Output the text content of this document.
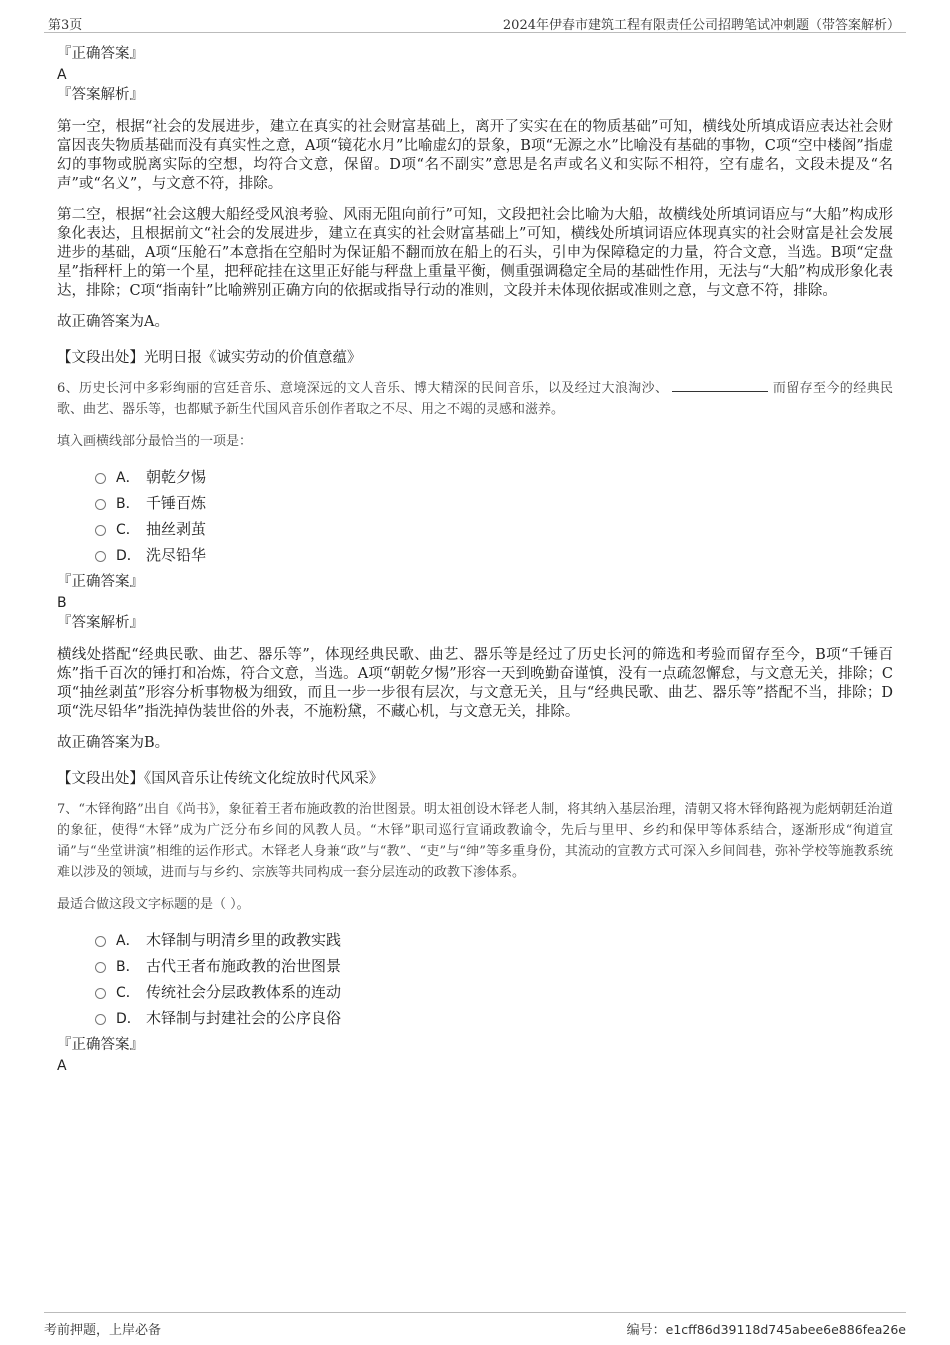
第3页	2024年伊春市建筑工程有限责任公司招聘笔试冲刺题（带答案解析）

『正确答案』

A

『答案解析』

第一空，根据“社会的发展进步，建立在真实的社会财富基础上，离开了实实在在的物质基础”可知，横线处所填成语应表达社会财富因丧失物质基础而没有真实性之意，A项“镜花水月”比喻虚幻的景象，B项“无源之水”比喻没有基础的事物，C项“空中楼阁”指虚幻的事物或脱离实际的空想，均符合文意，保留。D项“名不副实”意思是名声或名义和实际不相符，空有虚名，文段未提及“名声”或“名义”，与文意不符，排除。

第二空，根据“社会这艘大船经受风浪考验、风雨无阻向前行”可知，文段把社会比喻为大船，故横线处所填词语应与“大船”构成形象化表达，且根据前文“社会的发展进步，建立在真实的社会财富基础上”可知，横线处所填词语应体现真实的社会财富是社会发展进步的基础，A项“压舱石”本意指在空船时为保证船不翻而放在船上的石头，引申为保障稳定的力量，符合文意，当选。B项“定盘星”指秤杆上的第一个星，把秤砣挂在这里正好能与秤盘上重量平衡，侧重强调稳定全局的基础性作用，无法与“大船”构成形象化表达，排除；C项“指南针”比喻辨别正确方向的依据或指导行动的准则，文段并未体现依据或准则之意，与文意不符，排除。

故正确答案为A。

【文段出处】光明日报《诚实劳动的价值意蕴》

6、历史长河中多彩绚丽的宫廷音乐、意境深远的文人音乐、博大精深的民间音乐，以及经过大浪淘沙、	而留存至今的经典民歌、曲艺、器乐等，也都赋予新生代国风音乐创作者取之不尽、用之不竭的灵感和滋养。

填入画横线部分最恰当的一项是：

A． 朝乾夕惕
B． 千锤百炼
C． 抽丝剥茧
D． 洗尽铅华

『正确答案』

B

『答案解析』

横线处搭配“经典民歌、曲艺、器乐等”，体现经典民歌、曲艺、器乐等是经过了历史长河的筛选和考验而留存至今，B项“千锤百炼”指千百次的锤打和冶炼，符合文意，当选。A项“朝乾夕惕”形容一天到晚勤奋谨慎，没有一点疏忽懈怠，与文意无关，排除；C项“抽丝剥茧”形容分析事物极为细致，而且一步一步很有层次，与文意无关，且与“经典民歌、曲艺、器乐等”搭配不当，排除；D项“洗尽铅华”指洗掉伪装世俗的外表，不施粉黛，不藏心机，与文意无关，排除。

故正确答案为B。

【文段出处】《国风音乐让传统文化绽放时代风采》

7、“木铎徇路”出自《尚书》，象征着王者布施政教的治世图景。明太祖创设木铎老人制，将其纳入基层治理，清朝又将木铎徇路视为彪炳朝廷治道的象征，使得“木铎”成为广泛分布乡间的风教人员。“木铎”职司巡行宣诵政教谕令，先后与里甲、乡约和保甲等体系结合，逐渐形成“徇道宣诵”与“坐堂讲演”相维的运作形式。木铎老人身兼“政”与“教”、“吏”与“绅”等多重身份，其流动的宣教方式可深入乡间闾巷，弥补学校等施教系统难以涉及的领域，进而与与乡约、宗族等共同构成一套分层连动的政教下渗体系。

最适合做这段文字标题的是（ ）。

A． 木铎制与明清乡里的政教实践
B． 古代王者布施政教的治世图景
C． 传统社会分层政教体系的连动
D． 木铎制与封建社会的公序良俗

『正确答案』

A

考前押题，上岸必备	编号：e1cff86d39118d745abee6e886fea26e
